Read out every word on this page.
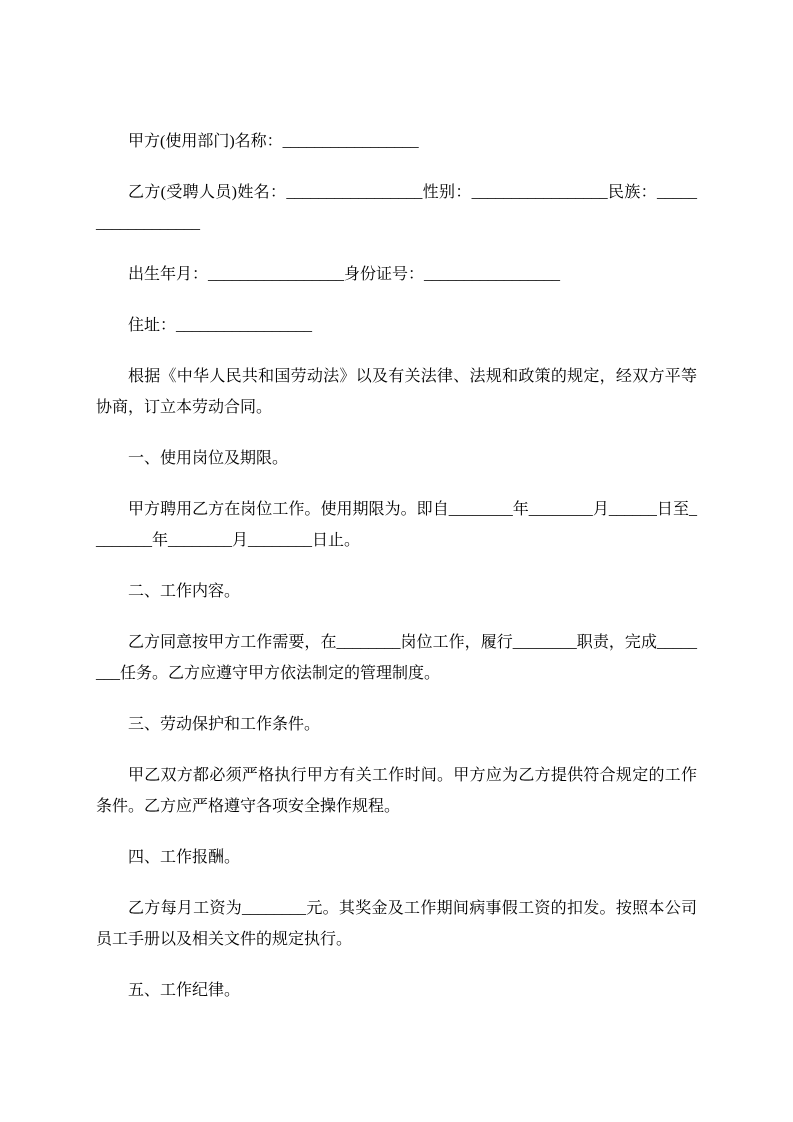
甲方(使用部门)名称：_________________

乙方(受聘人员)姓名：_________________性别：_________________民族：__________________

出生年月：_________________身份证号：_________________

住址：_________________

根据《中华人民共和国劳动法》以及有关法律、法规和政策的规定，经双方平等协商，订立本劳动合同。

一、使用岗位及期限。

甲方聘用乙方在岗位工作。使用期限为。即自________年________月______日至________年________月________日止。

二、工作内容。

乙方同意按甲方工作需要，在________岗位工作，履行________职责，完成________任务。乙方应遵守甲方依法制定的管理制度。

三、劳动保护和工作条件。

甲乙双方都必须严格执行甲方有关工作时间。甲方应为乙方提供符合规定的工作条件。乙方应严格遵守各项安全操作规程。

四、工作报酬。

乙方每月工资为________元。其奖金及工作期间病事假工资的扣发。按照本公司员工手册以及相关文件的规定执行。

五、工作纪律。
